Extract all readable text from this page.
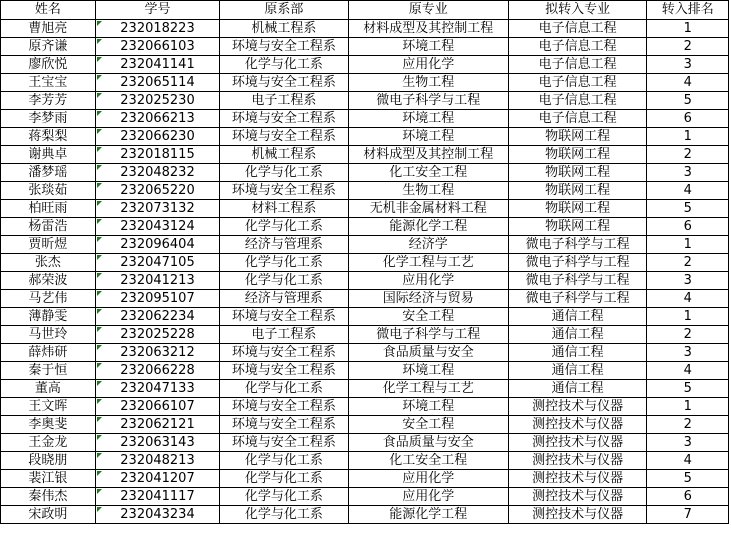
姓名	学号	原系部	原专业	拟转入专业	转入排名
曹旭亮	232018223	机械工程系	材料成型及其控制工程	电子信息工程	1
原齐谦	232066103	环境与安全工程系	环境工程	电子信息工程	2
廖欣悦	232041141	化学与化工系	应用化学	电子信息工程	3
王宝宝	232065114	环境与安全工程系	生物工程	电子信息工程	4
李芳芳	232025230	电子工程系	微电子科学与工程	电子信息工程	5
李梦雨	232066213	环境与安全工程系	环境工程	电子信息工程	6
蒋梨梨	232066230	环境与安全工程系	环境工程	物联网工程	1
谢典卓	232018115	机械工程系	材料成型及其控制工程	物联网工程	2
潘梦瑶	232048232	化学与化工系	化工安全工程	物联网工程	3
张琰茹	232065220	环境与安全工程系	生物工程	物联网工程	4
柏旺雨	232073132	材料工程系	无机非金属材料工程	物联网工程	5
杨雷浩	232043124	化学与化工系	能源化学工程	物联网工程	6
贾昕煜	232096404	经济与管理系	经济学	微电子科学与工程	1
张杰	232047105	化学与化工系	化学工程与工艺	微电子科学与工程	2
郝荣波	232041213	化学与化工系	应用化学	微电子科学与工程	3
马艺伟	232095107	经济与管理系	国际经济与贸易	微电子科学与工程	4
薄静雯	232062234	环境与安全工程系	安全工程	通信工程	1
马世玲	232025228	电子工程系	微电子科学与工程	通信工程	2
薛炜研	232063212	环境与安全工程系	食品质量与安全	通信工程	3
秦于恒	232066228	环境与安全工程系	环境工程	通信工程	4
董高	232047133	化学与化工系	化学工程与工艺	通信工程	5
王文晖	232066107	环境与安全工程系	环境工程	测控技术与仪器	1
李奥斐	232062121	环境与安全工程系	安全工程	测控技术与仪器	2
王金龙	232063143	环境与安全工程系	食品质量与安全	测控技术与仪器	3
段晓朋	232048213	化学与化工系	化工安全工程	测控技术与仪器	4
裴江银	232041207	化学与化工系	应用化学	测控技术与仪器	5
秦伟杰	232041117	化学与化工系	应用化学	测控技术与仪器	6
宋政明	232043234	化学与化工系	能源化学工程	测控技术与仪器	7
